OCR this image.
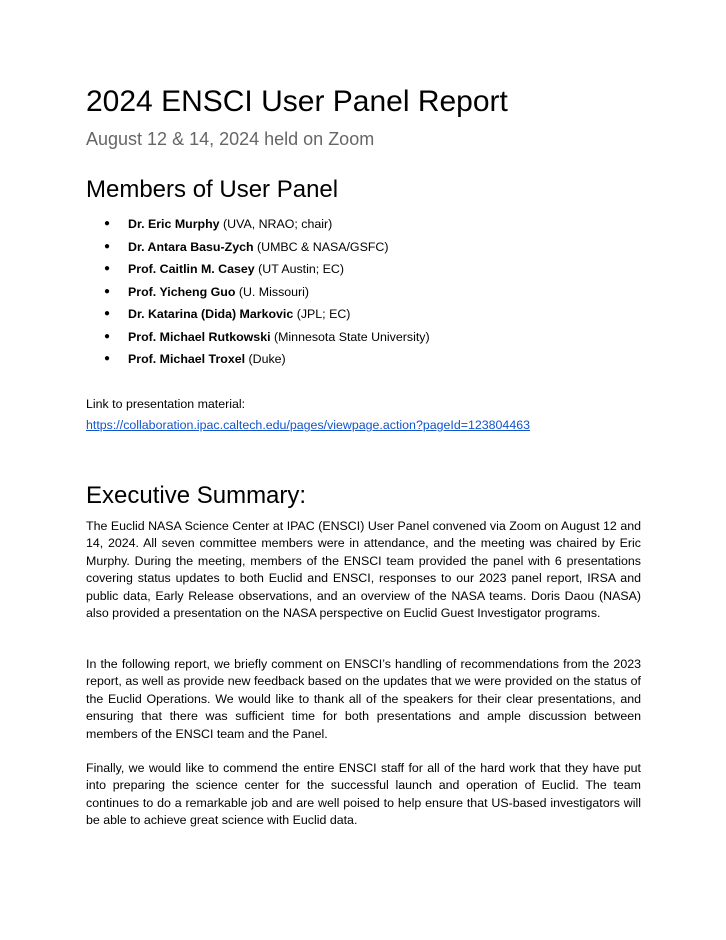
2024 ENSCI User Panel Report

August 12 & 14, 2024 held on Zoom

Members of User Panel
● Dr. Eric Murphy (UVA, NRAO; chair)
● Dr. Antara Basu-Zych (UMBC & NASA/GSFC)
● Prof. Caitlin M. Casey (UT Austin; EC)
● Prof. Yicheng Guo (U. Missouri)
● Dr. Katarina (Dida) Markovic (JPL; EC)
● Prof. Michael Rutkowski (Minnesota State University)
● Prof. Michael Troxel (Duke)

Link to presentation material:

https://collaboration.ipac.caltech.edu/pages/viewpage.action?pageId=123804463
Executive Summary:

The Euclid NASA Science Center at IPAC (ENSCI) User Panel convened via Zoom on August 12 and 14, 2024. All seven committee members were in attendance, and the meeting was chaired by Eric Murphy. During the meeting, members of the ENSCI team provided the panel with 6 presentations covering status updates to both Euclid and ENSCI, responses to our 2023 panel report, IRSA and public data, Early Release observations, and an overview of the NASA teams. Doris Daou (NASA) also provided a presentation on the NASA perspective on Euclid Guest Investigator programs.

In the following report, we briefly comment on ENSCI’s handling of recommendations from the 2023 report, as well as provide new feedback based on the updates that we were provided on the status of the Euclid Operations. We would like to thank all of the speakers for their clear presentations, and ensuring that there was sufficient time for both presentations and ample discussion between members of the ENSCI team and the Panel.

Finally, we would like to commend the entire ENSCI staff for all of the hard work that they have put into preparing the science center for the successful launch and operation of Euclid. The team continues to do a remarkable job and are well poised to help ensure that US-based investigators will be able to achieve great science with Euclid data.
